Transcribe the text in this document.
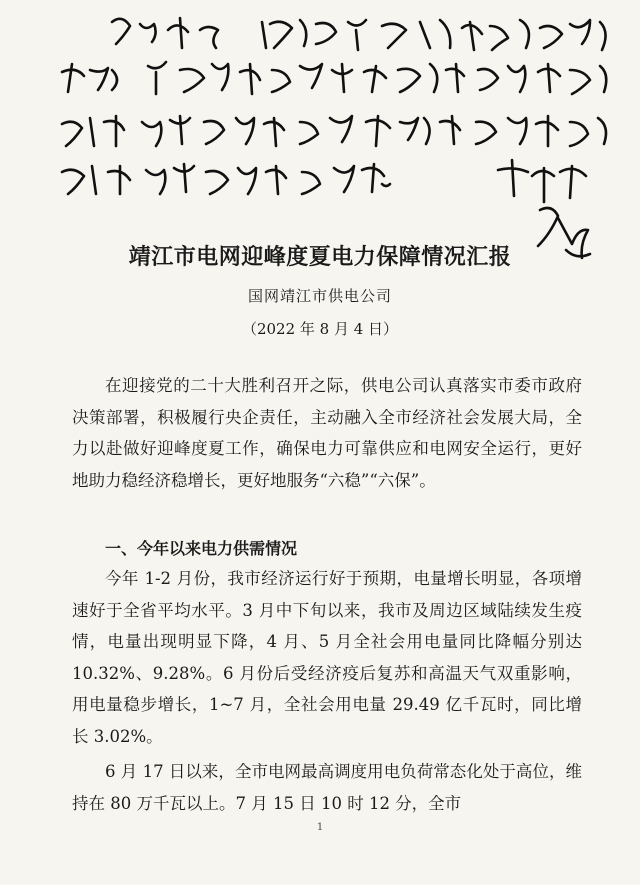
靖江市电网迎峰度夏电力保障情况汇报
国网靖江市供电公司
（2022 年 8 月 4 日）

在迎接党的二十大胜利召开之际，供电公司认真落实市委市政府决策部署，积极履行央企责任，主动融入全市经济社会发展大局，全力以赴做好迎峰度夏工作，确保电力可靠供应和电网安全运行，更好地助力稳经济稳增长，更好地服务“六稳”“六保”。

一、今年以来电力供需情况

今年 1-2 月份，我市经济运行好于预期，电量增长明显，各项增速好于全省平均水平。3 月中下旬以来，我市及周边区域陆续发生疫情，电量出现明显下降，4 月、5 月全社会用电量同比降幅分别达 10.32%、9.28%。6 月份后受经济疫后复苏和高温天气双重影响，用电量稳步增长，1~7 月，全社会用电量 29.49 亿千瓦时，同比增长 3.02%。

6 月 17 日以来，全市电网最高调度用电负荷常态化处于高位，维持在 80 万千瓦以上。7 月 15 日 10 时 12 分，全市

1
